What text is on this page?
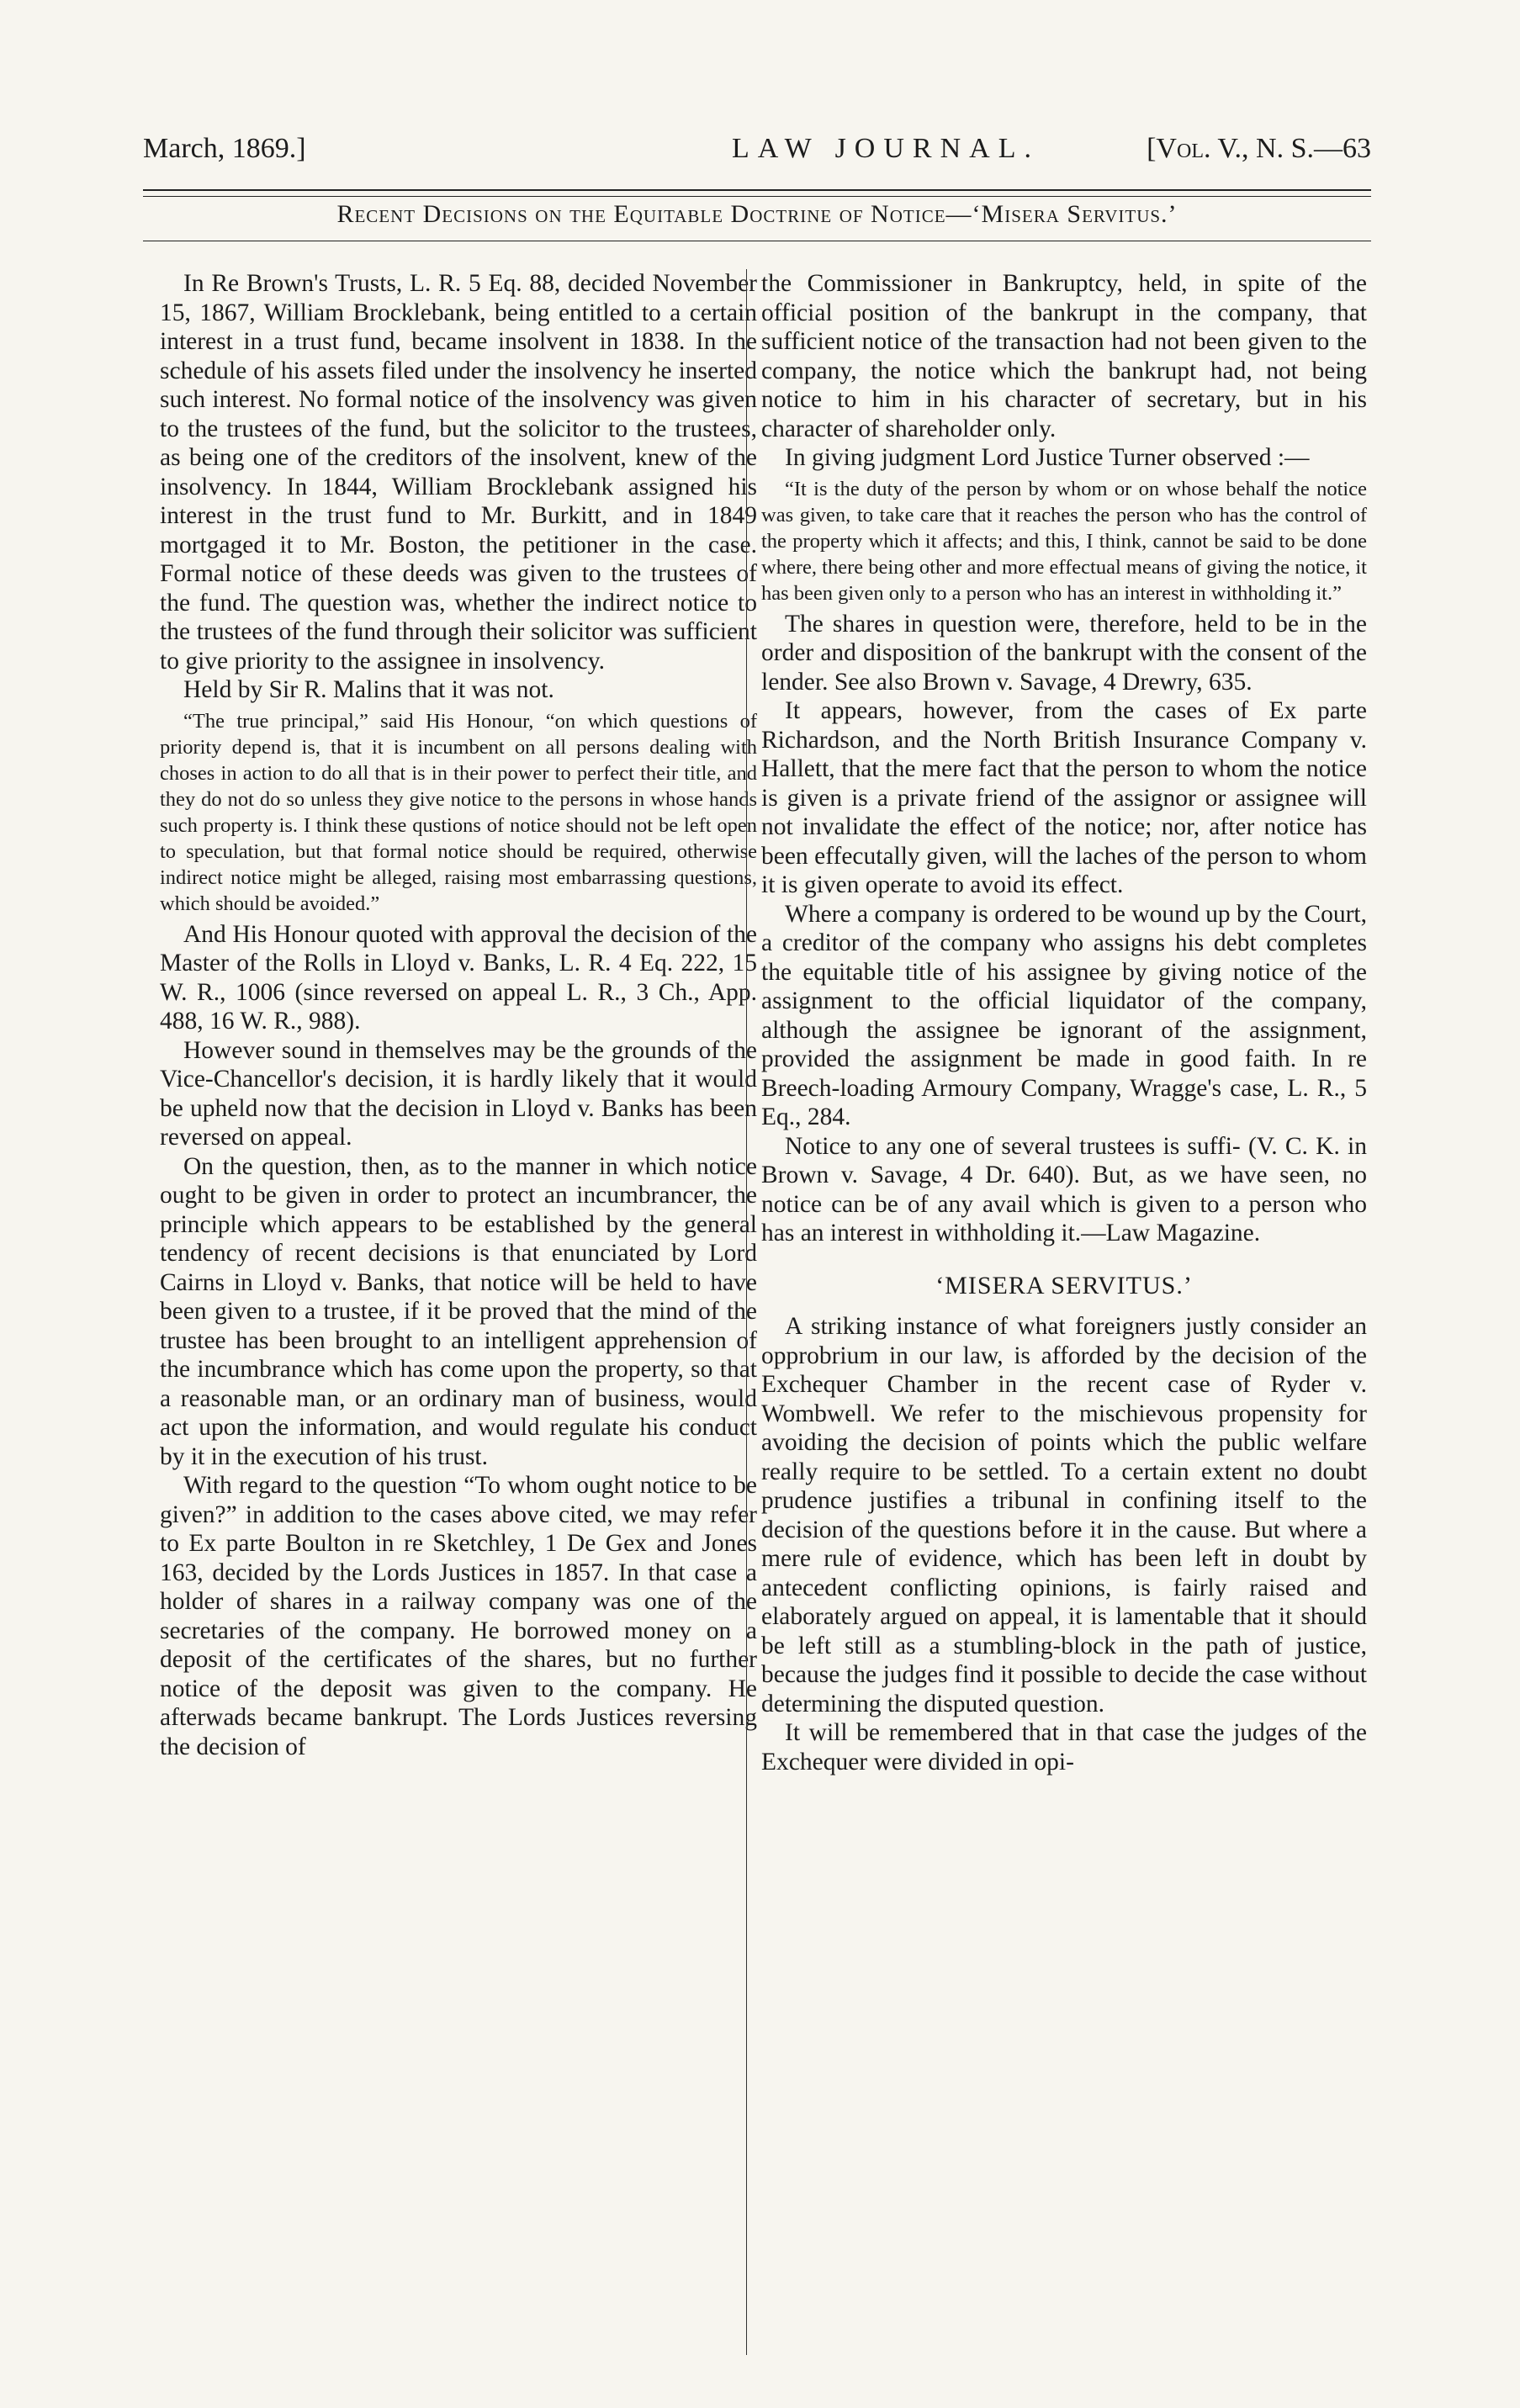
March, 1869.]	LAW JOURNAL.	[Vol. V., N. S.—63
Recent Decisions on the Equitable Doctrine of Notice—‘Misera Servitus.’

In Re Brown's Trusts, L. R. 5 Eq. 88, decided November 15, 1867, William Brocklebank, being entitled to a certain interest in a trust fund, became insolvent in 1838. In the schedule of his assets filed under the insolvency he inserted such interest. No formal notice of the insolvency was given to the trustees of the fund, but the solicitor to the trustees, as being one of the creditors of the insolvent, knew of the insolvency. In 1844, William Brocklebank assigned his interest in the trust fund to Mr. Burkitt, and in 1849 mortgaged it to Mr. Boston, the petitioner in the case. Formal notice of these deeds was given to the trustees of the fund. The question was, whether the indirect notice to the trustees of the fund through their solicitor was sufficient to give priority to the assignee in insolvency.

Held by Sir R. Malins that it was not.

“The true principal,” said His Honour, “on which questions of priority depend is, that it is incumbent on all persons dealing with choses in action to do all that is in their power to perfect their title, and they do not do so unless they give notice to the persons in whose hands such property is. I think these qustions of notice should not be left open to speculation, but that formal notice should be required, otherwise indirect notice might be alleged, raising most embarrassing questions, which should be avoided.”

And His Honour quoted with approval the decision of the Master of the Rolls in Lloyd v. Banks, L. R. 4 Eq. 222, 15 W. R., 1006 (since reversed on appeal L. R., 3 Ch., App. 488, 16 W. R., 988).

However sound in themselves may be the grounds of the Vice-Chancellor's decision, it is hardly likely that it would be upheld now that the decision in Lloyd v. Banks has been reversed on appeal.

On the question, then, as to the manner in which notice ought to be given in order to protect an incumbrancer, the principle which appears to be established by the general tendency of recent decisions is that enunciated by Lord Cairns in Lloyd v. Banks, that notice will be held to have been given to a trustee, if it be proved that the mind of the trustee has been brought to an intelligent apprehension of the incumbrance which has come upon the property, so that a reasonable man, or an ordinary man of business, would act upon the information, and would regulate his conduct by it in the execution of his trust.

With regard to the question “To whom ought notice to be given?” in addition to the cases above cited, we may refer to Ex parte Boulton in re Sketchley, 1 De Gex and Jones 163, decided by the Lords Justices in 1857. In that case a holder of shares in a railway company was one of the secretaries of the company. He borrowed money on a deposit of the certificates of the shares, but no further notice of the deposit was given to the company. He afterwads became bankrupt. The Lords Justices reversing the decision of

the Commissioner in Bankruptcy, held, in spite of the official position of the bankrupt in the company, that sufficient notice of the transaction had not been given to the company, the notice which the bankrupt had, not being notice to him in his character of secretary, but in his character of shareholder only.

In giving judgment Lord Justice Turner observed :—

“It is the duty of the person by whom or on whose behalf the notice was given, to take care that it reaches the person who has the control of the property which it affects; and this, I think, cannot be said to be done where, there being other and more effectual means of giving the notice, it has been given only to a person who has an interest in withholding it.”

The shares in question were, therefore, held to be in the order and disposition of the bankrupt with the consent of the lender. See also Brown v. Savage, 4 Drewry, 635.

It appears, however, from the cases of Ex parte Richardson, and the North British Insurance Company v. Hallett, that the mere fact that the person to whom the notice is given is a private friend of the assignor or assignee will not invalidate the effect of the notice; nor, after notice has been effecutally given, will the laches of the person to whom it is given operate to avoid its effect.

Where a company is ordered to be wound up by the Court, a creditor of the company who assigns his debt completes the equitable title of his assignee by giving notice of the assignment to the official liquidator of the company, although the assignee be ignorant of the assignment, provided the assignment be made in good faith. In re Breech-loading Armoury Company, Wragge's case, L. R., 5 Eq., 284.

Notice to any one of several trustees is suffi- (V. C. K. in Brown v. Savage, 4 Dr. 640). But, as we have seen, no notice can be of any avail which is given to a person who has an interest in withholding it.—Law Magazine.

‘MISERA SERVITUS.’

A striking instance of what foreigners justly consider an opprobrium in our law, is afforded by the decision of the Exchequer Chamber in the recent case of Ryder v. Wombwell. We refer to the mischievous propensity for avoiding the decision of points which the public welfare really require to be settled. To a certain extent no doubt prudence justifies a tribunal in confining itself to the decision of the questions before it in the cause. But where a mere rule of evidence, which has been left in doubt by antecedent conflicting opinions, is fairly raised and elaborately argued on appeal, it is lamentable that it should be left still as a stumbling-block in the path of justice, because the judges find it possible to decide the case without determining the disputed question.

It will be remembered that in that case the judges of the Exchequer were divided in opi-
